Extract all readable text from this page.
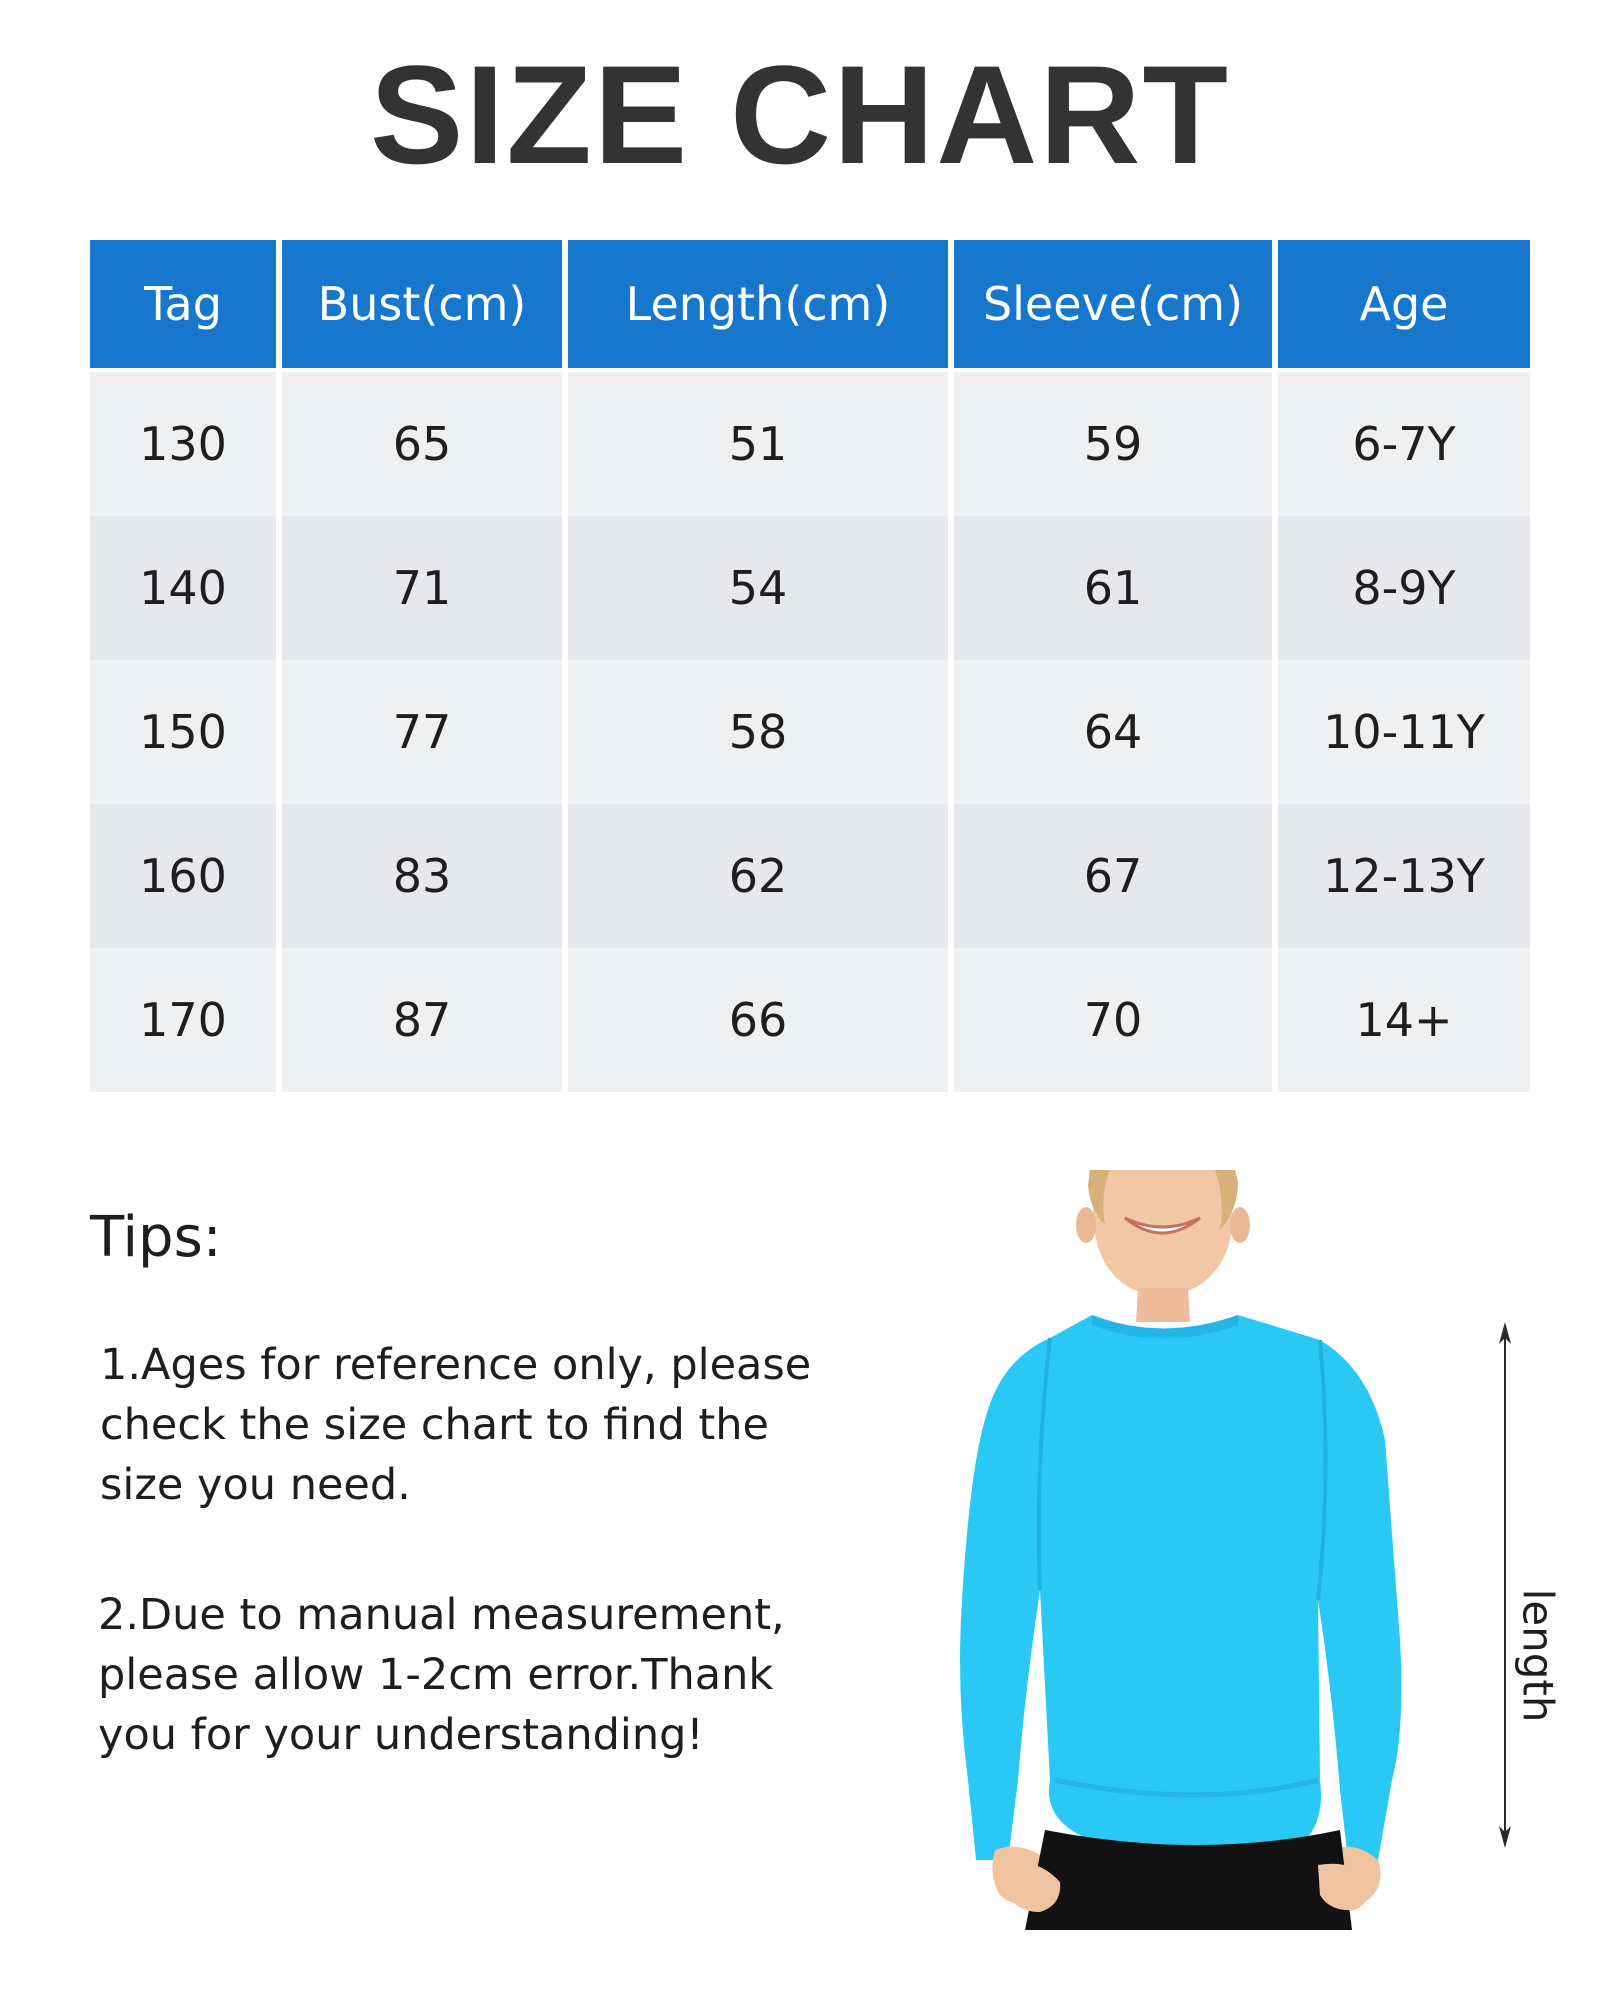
SIZE CHART
Tag	Bust(cm)	Length(cm)	Sleeve(cm)	Age
130	65	51	59	6-7Y
140	71	54	61	8-9Y
150	77	58	64	10-11Y
160	83	62	67	12-13Y
170	87	66	70	14+
Tips:
1.Ages for reference only, please
check the size chart to find the
size you need.
2.Due to manual measurement,
please allow 1-2cm error.Thank
you for your understanding!
length
